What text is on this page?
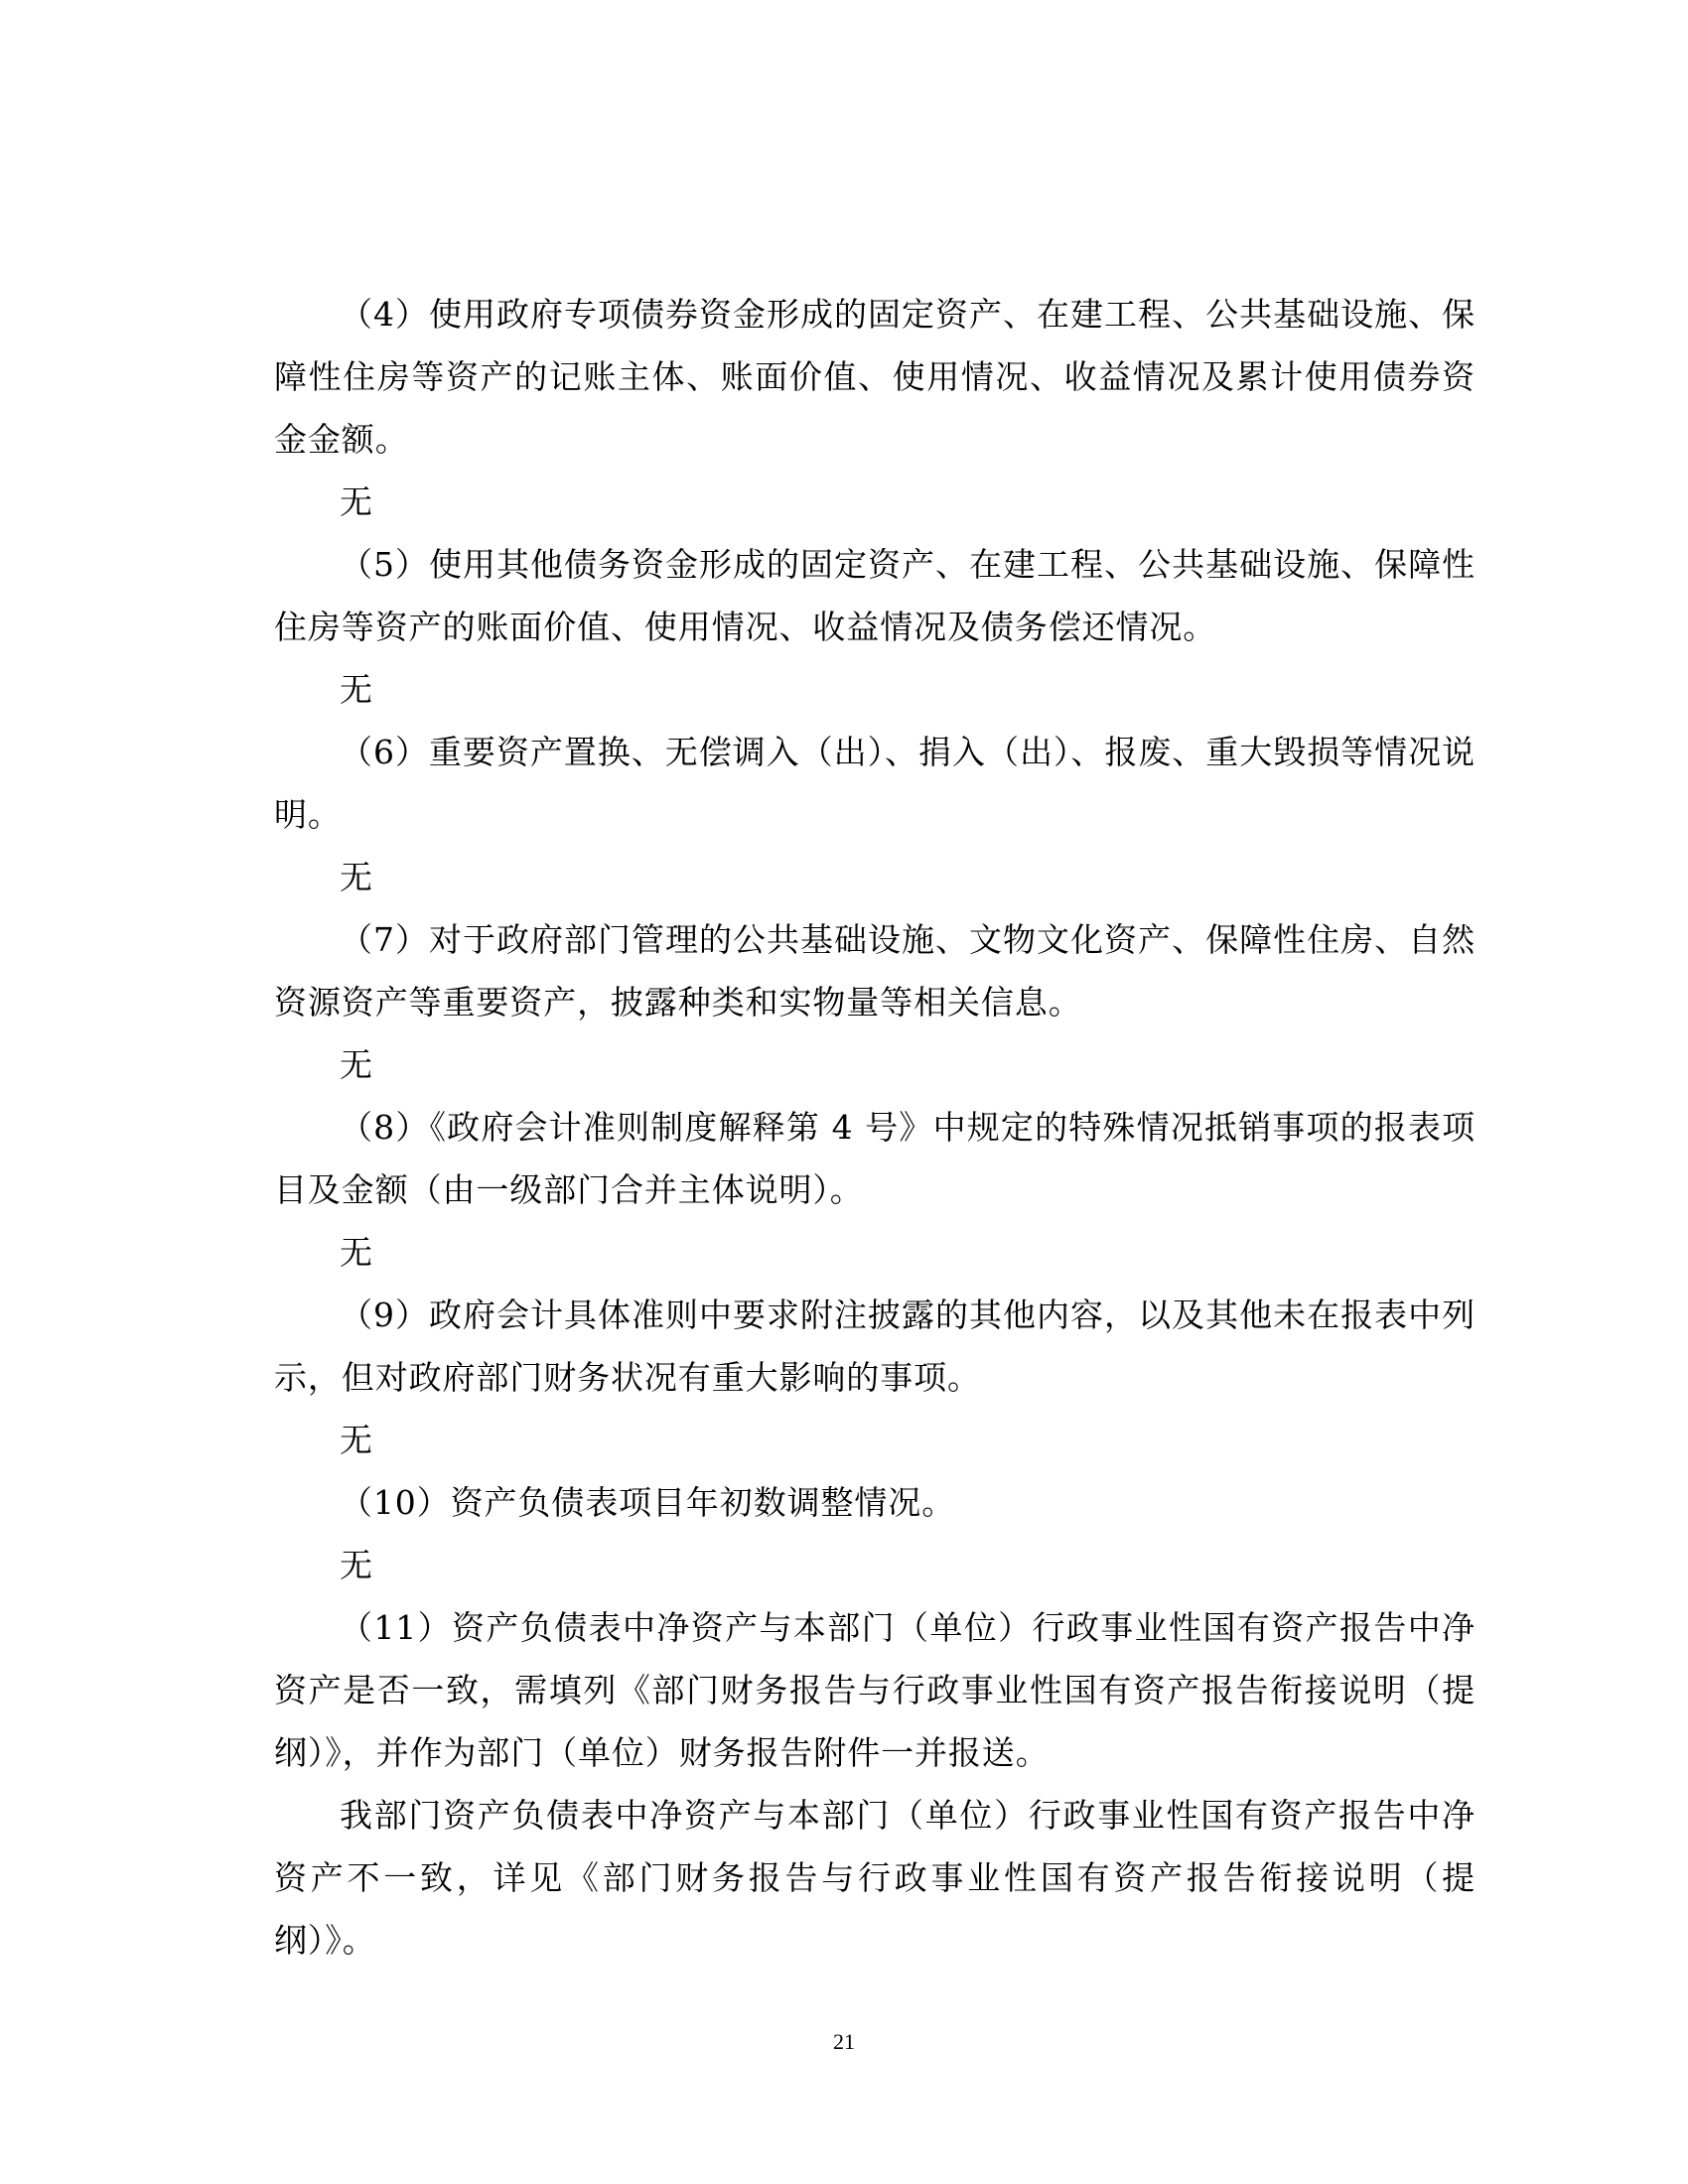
（4）使用政府专项债券资金形成的固定资产、在建工程、公共基础设施、保障性住房等资产的记账主体、账面价值、使用情况、收益情况及累计使用债券资金金额。

无

（5）使用其他债务资金形成的固定资产、在建工程、公共基础设施、保障性住房等资产的账面价值、使用情况、收益情况及债务偿还情况。

无

（6）重要资产置换、无偿调入（出）、捐入（出）、报废、重大毁损等情况说明。

无

（7）对于政府部门管理的公共基础设施、文物文化资产、保障性住房、自然资源资产等重要资产，披露种类和实物量等相关信息。

无

（8）《政府会计准则制度解释第 4 号》中规定的特殊情况抵销事项的报表项目及金额（由一级部门合并主体说明）。

无

（9）政府会计具体准则中要求附注披露的其他内容，以及其他未在报表中列示，但对政府部门财务状况有重大影响的事项。

无

（10）资产负债表项目年初数调整情况。

无

（11）资产负债表中净资产与本部门（单位）行政事业性国有资产报告中净资产是否一致，需填列《部门财务报告与行政事业性国有资产报告衔接说明（提纲）》，并作为部门（单位）财务报告附件一并报送。

我部门资产负债表中净资产与本部门（单位）行政事业性国有资产报告中净资产不一致，详见《部门财务报告与行政事业性国有资产报告衔接说明（提纲）》。

21
